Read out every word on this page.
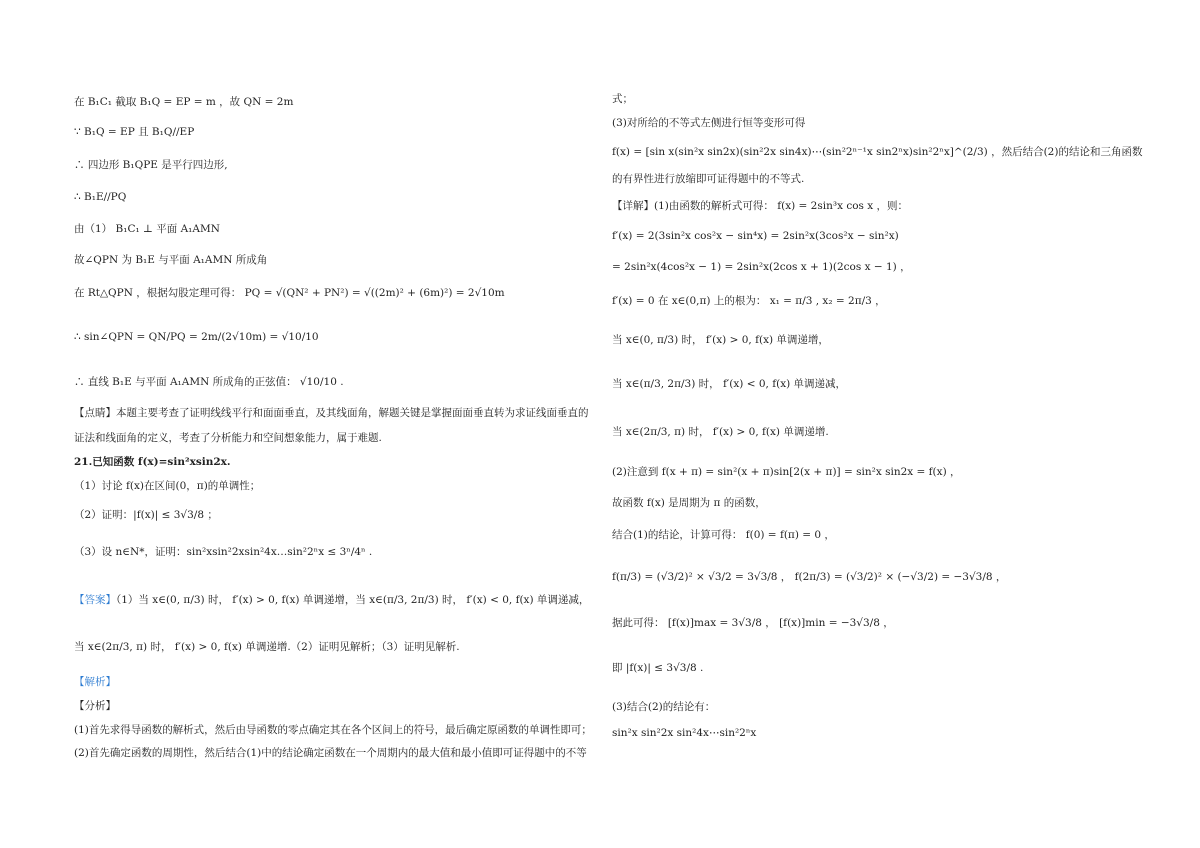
在 B₁C₁ 截取 B₁Q = EP = m ，故 QN = 2m
∵ B₁Q = EP 且 B₁Q//EP
∴ 四边形 B₁QPE 是平行四边形,
∴ B₁E//PQ
由（1） B₁C₁ ⊥ 平面 A₁AMN
故∠QPN 为 B₁E 与平面 A₁AMN 所成角
在 Rt△QPN ，根据勾股定理可得： PQ = √(QN² + PN²) = √((2m)² + (6m)²) = 2√10m
∴ sin∠QPN = QN/PQ = 2m/(2√10m) = √10/10
∴ 直线 B₁E 与平面 A₁AMN 所成角的正弦值： √10/10 .
【点睛】本题主要考查了证明线线平行和面面垂直，及其线面角，解题关键是掌握面面垂直转为求证线面垂直的
证法和线面角的定义，考查了分析能力和空间想象能力，属于难题.
21.已知函数 f(x)=sin²xsin2x.
（1）讨论 f(x)在区间(0，π)的单调性；
（2）证明：|f(x)| ≤ 3√3/8 ；
（3）设 n∈N*，证明：sin²xsin²2xsin²4x…sin²2ⁿx ≤ 3ⁿ/4ⁿ .
【答案】（1）当 x∈(0, π/3) 时， f′(x) > 0, f(x) 单调递增，当 x∈(π/3, 2π/3) 时， f′(x) < 0, f(x) 单调递减，
当 x∈(2π/3, π) 时， f′(x) > 0, f(x) 单调递增.（2）证明见解析；（3）证明见解析.
【解析】
【分析】
(1)首先求得导函数的解析式，然后由导函数的零点确定其在各个区间上的符号，最后确定原函数的单调性即可；
(2)首先确定函数的周期性，然后结合(1)中的结论确定函数在一个周期内的最大值和最小值即可证得题中的不等
式；
(3)对所给的不等式左侧进行恒等变形可得
f(x) = [sin x(sin²x sin2x)(sin²2x sin4x)⋯(sin²2ⁿ⁻¹x sin2ⁿx)sin²2ⁿx]^(2/3) ，然后结合(2)的结论和三角函数
的有界性进行放缩即可证得题中的不等式.
【详解】(1)由函数的解析式可得： f(x) = 2sin³x cos x ，则：
f′(x) = 2(3sin²x cos²x − sin⁴x) = 2sin²x(3cos²x − sin²x)
= 2sin²x(4cos²x − 1) = 2sin²x(2cos x + 1)(2cos x − 1) ，
f′(x) = 0 在 x∈(0,π) 上的根为： x₁ = π/3 , x₂ = 2π/3 ，
当 x∈(0, π/3) 时， f′(x) > 0, f(x) 单调递增，
当 x∈(π/3, 2π/3) 时， f′(x) < 0, f(x) 单调递减，
当 x∈(2π/3, π) 时， f′(x) > 0, f(x) 单调递增.
(2)注意到 f(x + π) = sin²(x + π)sin[2(x + π)] = sin²x sin2x = f(x) ，
故函数 f(x) 是周期为 π 的函数，
结合(1)的结论，计算可得： f(0) = f(π) = 0 ，
f(π/3) = (√3/2)² × √3/2 = 3√3/8 ， f(2π/3) = (√3/2)² × (−√3/2) = −3√3/8 ，
据此可得： [f(x)]max = 3√3/8 ， [f(x)]min = −3√3/8 ，
即 |f(x)| ≤ 3√3/8 .
(3)结合(2)的结论有：
sin²x sin²2x sin²4x⋯sin²2ⁿx
